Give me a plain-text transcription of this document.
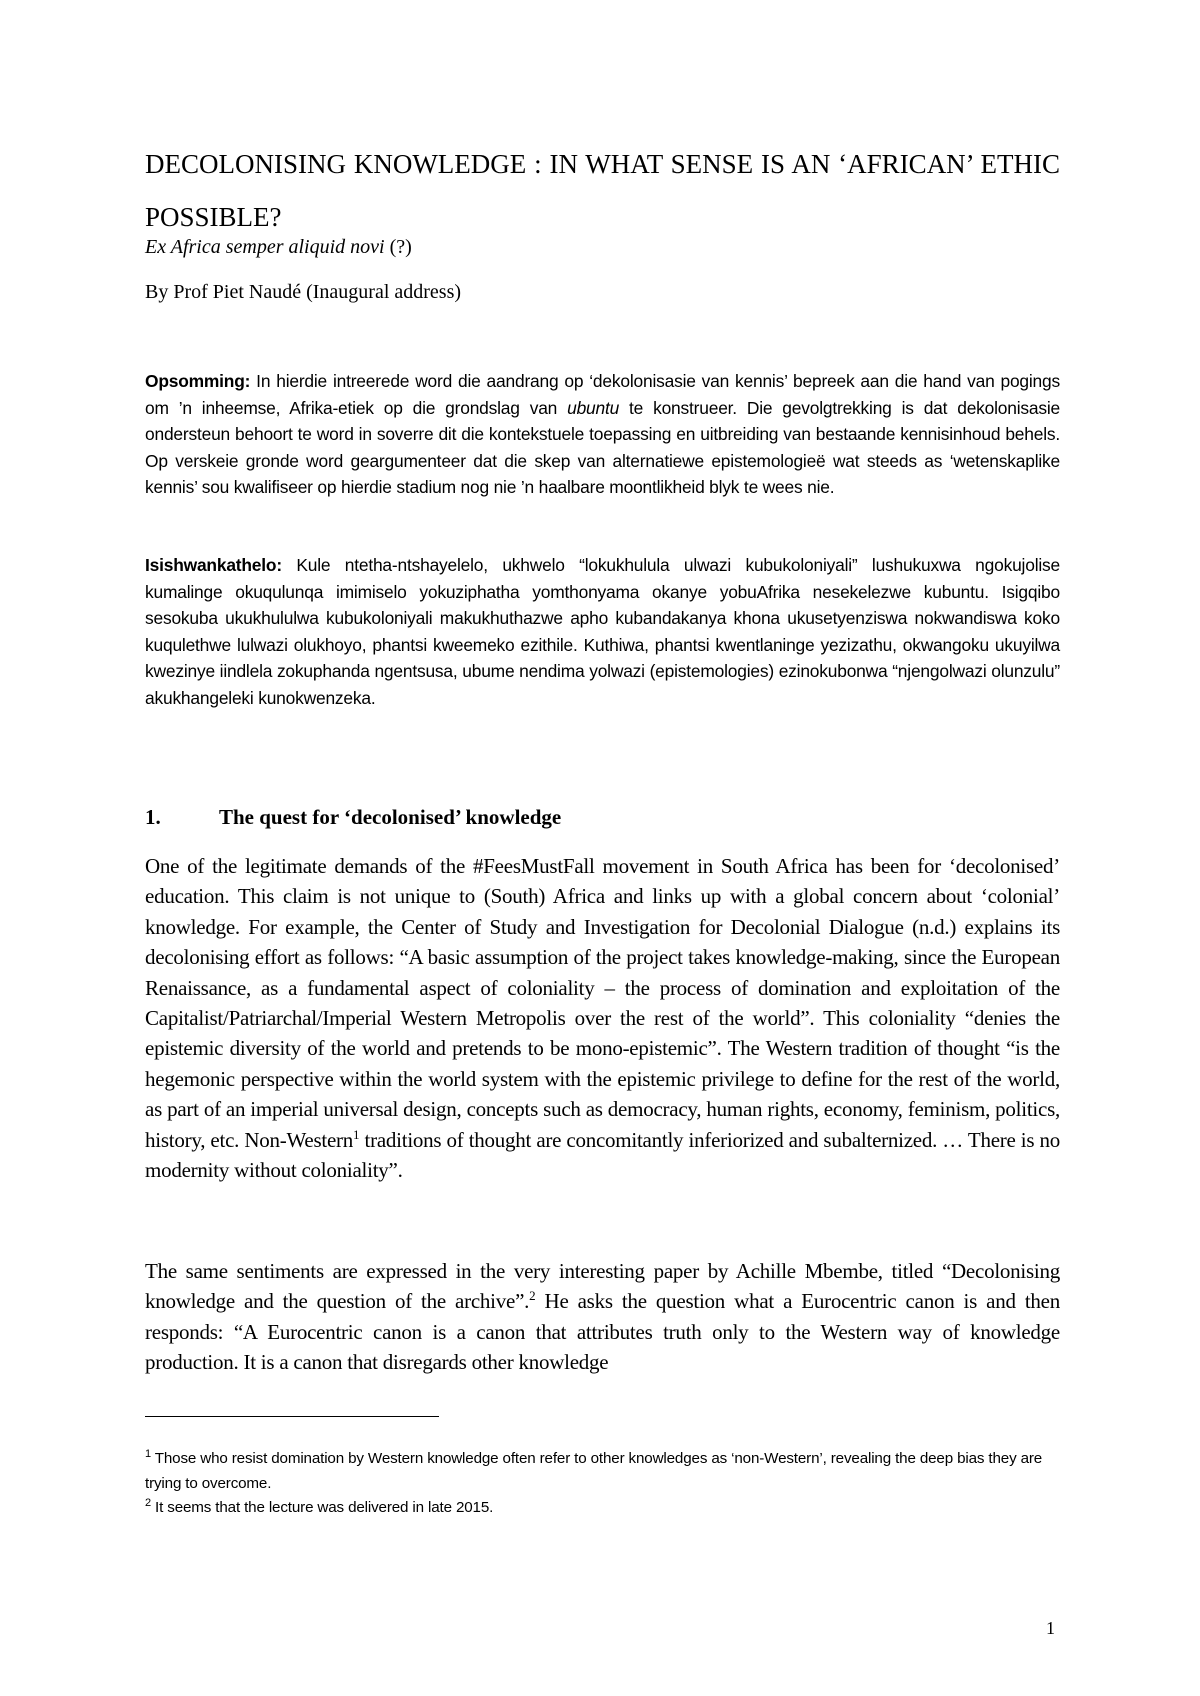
DECOLONISING KNOWLEDGE : IN WHAT SENSE IS AN ‘AFRICAN’ ETHIC POSSIBLE?

Ex Africa semper aliquid novi (?)

By Prof Piet Naudé (Inaugural address)

Opsomming: In hierdie intreerede word die aandrang op ‘dekolonisasie van kennis’ bepreek aan die hand van pogings om ’n inheemse, Afrika-etiek op die grondslag van ubuntu te konstrueer. Die gevolgtrekking is dat dekolonisasie ondersteun behoort te word in soverre dit die kontekstuele toepassing en uitbreiding van bestaande kennisinhoud behels. Op verskeie gronde word geargumenteer dat die skep van alternatiewe epistemologieë wat steeds as ‘wetenskaplike kennis’ sou kwalifiseer op hierdie stadium nog nie ’n haalbare moontlikheid blyk te wees nie.

Isishwankathelo: Kule ntetha-ntshayelelo, ukhwelo “lokukhulula ulwazi kubukoloniyali” lushukuxwa ngokujolise kumalinge okuqulunqa imimiselo yokuziphatha yomthonyama okanye yobuAfrika nesekelezwe kubuntu. Isigqibo sesokuba ukukhululwa kubukoloniyali makukhuthazwe apho kubandakanya khona ukusetyenziswa nokwandiswa koko kuqulethwe lulwazi olukhoyo, phantsi kweemeko ezithile. Kuthiwa, phantsi kwentlaninge yezizathu, okwangoku ukuyilwa kwezinye iindlela zokuphanda ngentsusa, ubume nendima yolwazi (epistemologies) ezinokubonwa “njengolwazi olunzulu” akukhangeleki kunokwenzeka.

1.	The quest for ‘decolonised’ knowledge

One of the legitimate demands of the #FeesMustFall movement in South Africa has been for ‘decolonised’ education. This claim is not unique to (South) Africa and links up with a global concern about ‘colonial’ knowledge. For example, the Center of Study and Investigation for Decolonial Dialogue (n.d.) explains its decolonising effort as follows: “A basic assumption of the project takes knowledge-making, since the European Renaissance, as a fundamental aspect of coloniality – the process of domination and exploitation of the Capitalist/Patriarchal/Imperial Western Metropolis over the rest of the world”. This coloniality “denies the epistemic diversity of the world and pretends to be mono-epistemic”. The Western tradition of thought “is the hegemonic perspective within the world system with the epistemic privilege to define for the rest of the world, as part of an imperial universal design, concepts such as democracy, human rights, economy, feminism, politics, history, etc. Non-Western$^1$ traditions of thought are concomitantly inferiorized and subalternized. … There is no modernity without coloniality”.

The same sentiments are expressed in the very interesting paper by Achille Mbembe, titled “Decolonising knowledge and the question of the archive”.$^2$ He asks the question what a Eurocentric canon is and then responds: “A Eurocentric canon is a canon that attributes truth only to the Western way of knowledge production. It is a canon that disregards other knowledge

$^1$ Those who resist domination by Western knowledge often refer to other knowledges as ‘non-Western’, revealing the deep bias they are trying to overcome.
$^2$ It seems that the lecture was delivered in late 2015.

1
